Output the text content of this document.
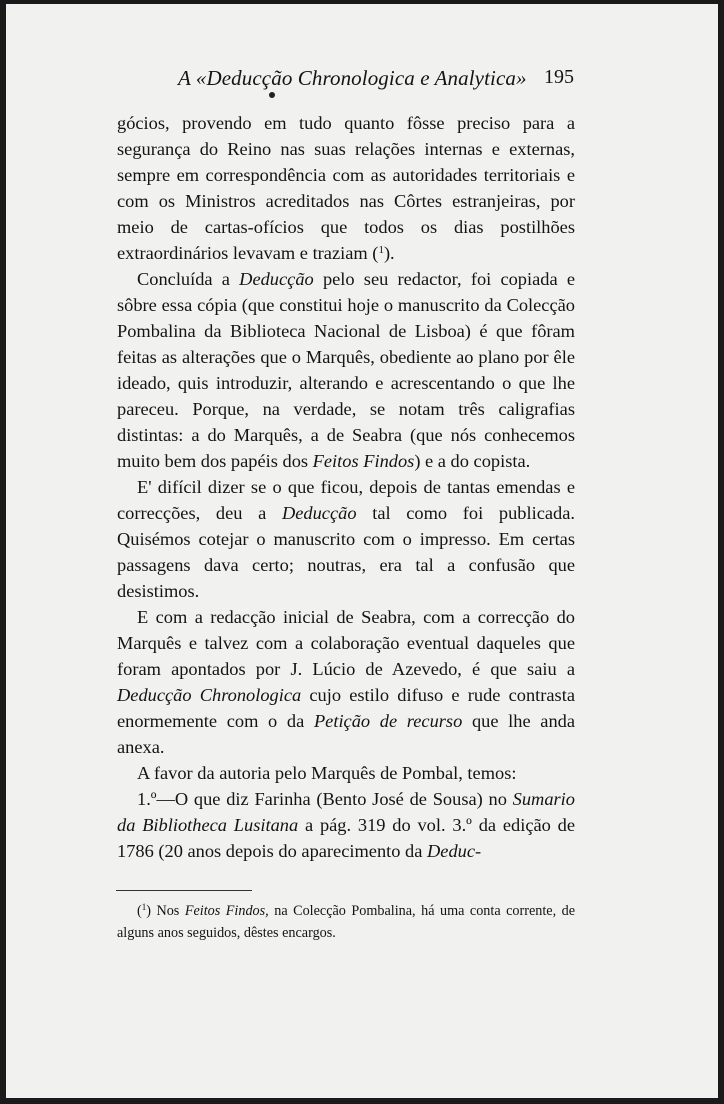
A «Deducção Chronologica e Analytica» 195

gócios, provendo em tudo quanto fôsse preciso para a segurança do Reino nas suas relações internas e externas, sempre em correspondência com as autoridades territoriais e com os Ministros acreditados nas Côrtes estranjeiras, por meio de cartas-ofícios que todos os dias postilhões extraordinários levavam e traziam ($^1$).

Concluída a Deducção pelo seu redactor, foi copiada e sôbre essa cópia (que constitui hoje o manuscrito da Colecção Pombalina da Biblioteca Nacional de Lisboa) é que fôram feitas as alterações que o Marquês, obediente ao plano por êle ideado, quis introduzir, alterando e acrescentando o que lhe pareceu. Porque, na verdade, se notam três caligrafias distintas: a do Marquês, a de Seabra (que nós conhecemos muito bem dos papéis dos Feitos Findos) e a do copista.

E' difícil dizer se o que ficou, depois de tantas emendas e correcções, deu a Deducção tal como foi publicada. Quisémos cotejar o manuscrito com o impresso. Em certas passagens dava certo; noutras, era tal a confusão que desistimos.

E com a redacção inicial de Seabra, com a correcção do Marquês e talvez com a colaboração eventual daqueles que foram apontados por J. Lúcio de Azevedo, é que saiu a Deducção Chronologica cujo estilo difuso e rude contrasta enormemente com o da Petição de recurso que lhe anda anexa.

A favor da autoria pelo Marquês de Pombal, temos:

1.º—O que diz Farinha (Bento José de Sousa) no Sumario da Bibliotheca Lusitana a pág. 319 do vol. 3.º da edição de 1786 (20 anos depois do aparecimento da Deduc-

($^1$) Nos Feitos Findos, na Colecção Pombalina, há uma conta corrente, de alguns anos seguidos, dêstes encargos.
